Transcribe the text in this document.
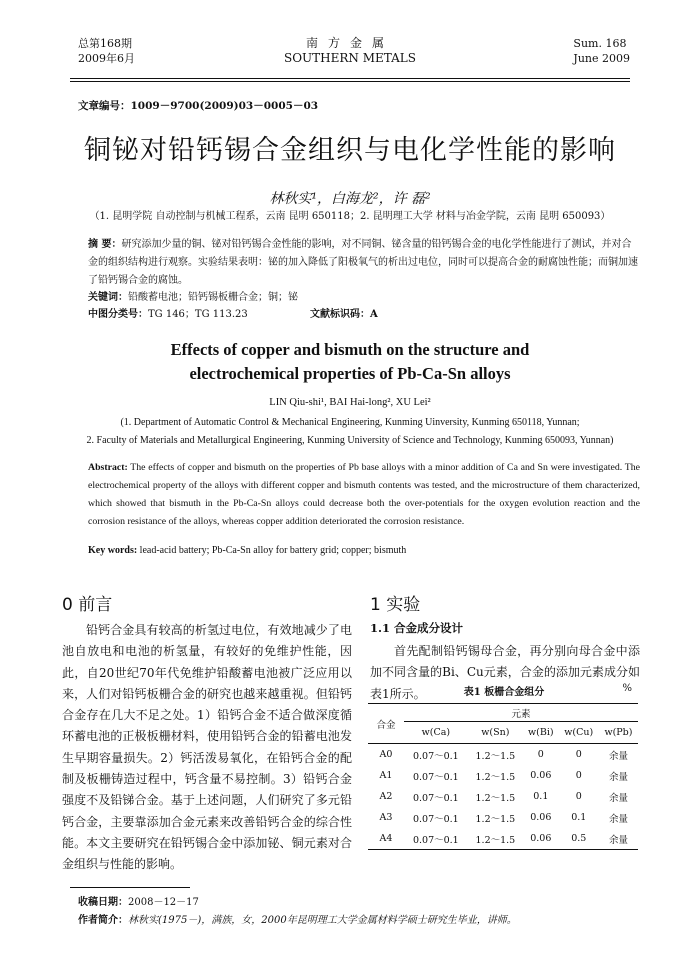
总第168期
2009年6月
南方金属
SOUTHERN METALS
Sum. 168
June 2009
文章编号：1009－9700(2009)03－0005－03
铜铋对铅钙锡合金组织与电化学性能的影响
林秋实¹，白海龙²，许 磊²
（1. 昆明学院 自动控制与机械工程系，云南 昆明 650118；2. 昆明理工大学 材料与冶金学院，云南 昆明 650093）
摘 要：研究添加少量的铜、铋对铅钙锡合金性能的影响，对不同铜、铋含量的铅钙锡合金的电化学性能进行了测试，并对合金的组织结构进行观察。实验结果表明：铋的加入降低了阳极氧气的析出过电位，同时可以提高合金的耐腐蚀性能；而铜加速了铅钙锡合金的腐蚀。
关键词：铅酸蓄电池；铅钙锡板栅合金；铜；铋
中图分类号：TG 146；TG 113.23	文献标识码：A
Effects of copper and bismuth on the structure and
electrochemical properties of Pb-Ca-Sn alloys
LIN Qiu-shi¹, BAI Hai-long², XU Lei²
(1. Department of Automatic Control & Mechanical Engineering, Kunming Uinversity, Kunming 650118, Yunnan;
2. Faculty of Materials and Metallurgical Engineering, Kunming University of Science and Technology, Kunming 650093, Yunnan)
Abstract: The effects of copper and bismuth on the properties of Pb base alloys with a minor addition of Ca and Sn were investigated. The electrochemical property of the alloys with different copper and bismuth contents was tested, and the microstructure of them characterized, which showed that bismuth in the Pb-Ca-Sn alloys could decrease both the over-potentials for the oxygen evolution reaction and the corrosion resistance of the alloys, whereas copper addition deteriorated the corrosion resistance.
Key words: lead-acid battery; Pb-Ca-Sn alloy for battery grid; copper; bismuth
0 前言
铅钙合金具有较高的析氢过电位，有效地减少了电池自放电和电池的析氢量，有较好的免维护性能，因此，自20世纪70年代免维护铅酸蓄电池被广泛应用以来，人们对铅钙板栅合金的研究也越来越重视。但铅钙合金存在几大不足之处。1）铅钙合金不适合做深度循环蓄电池的正极板栅材料，使用铅钙合金的铅蓄电池发生早期容量损失。2）钙活泼易氧化，在铅钙合金的配制及板栅铸造过程中，钙含量不易控制。3）铅钙合金强度不及铅锑合金。基于上述问题，人们研究了多元铅钙合金，主要靠添加合金元素来改善铅钙合金的综合性能。本文主要研究在铅钙锡合金中添加铋、铜元素对合金组织与性能的影响。
1 实验
1.1 合金成分设计
首先配制铅钙锡母合金，再分别向母合金中添加不同含量的Bi、Cu元素，合金的添加元素成分如表1所示。	表1 板栅合金组分	%
合金	元素				
	w(Ca)	w(Sn)	w(Bi)	w(Cu)	w(Pb)
A0	0.07～0.1	1.2～1.5	0	0	余量
A1	0.07～0.1	1.2～1.5	0.06	0	余量
A2	0.07～0.1	1.2～1.5	0.1	0	余量
A3	0.07～0.1	1.2～1.5	0.06	0.1	余量
A4	0.07～0.1	1.2～1.5	0.06	0.5	余量
收稿日期：2008－12－17
作者简介：林秋实(1975－)，满族，女，2000年昆明理工大学金属材料学硕士研究生毕业，讲师。
